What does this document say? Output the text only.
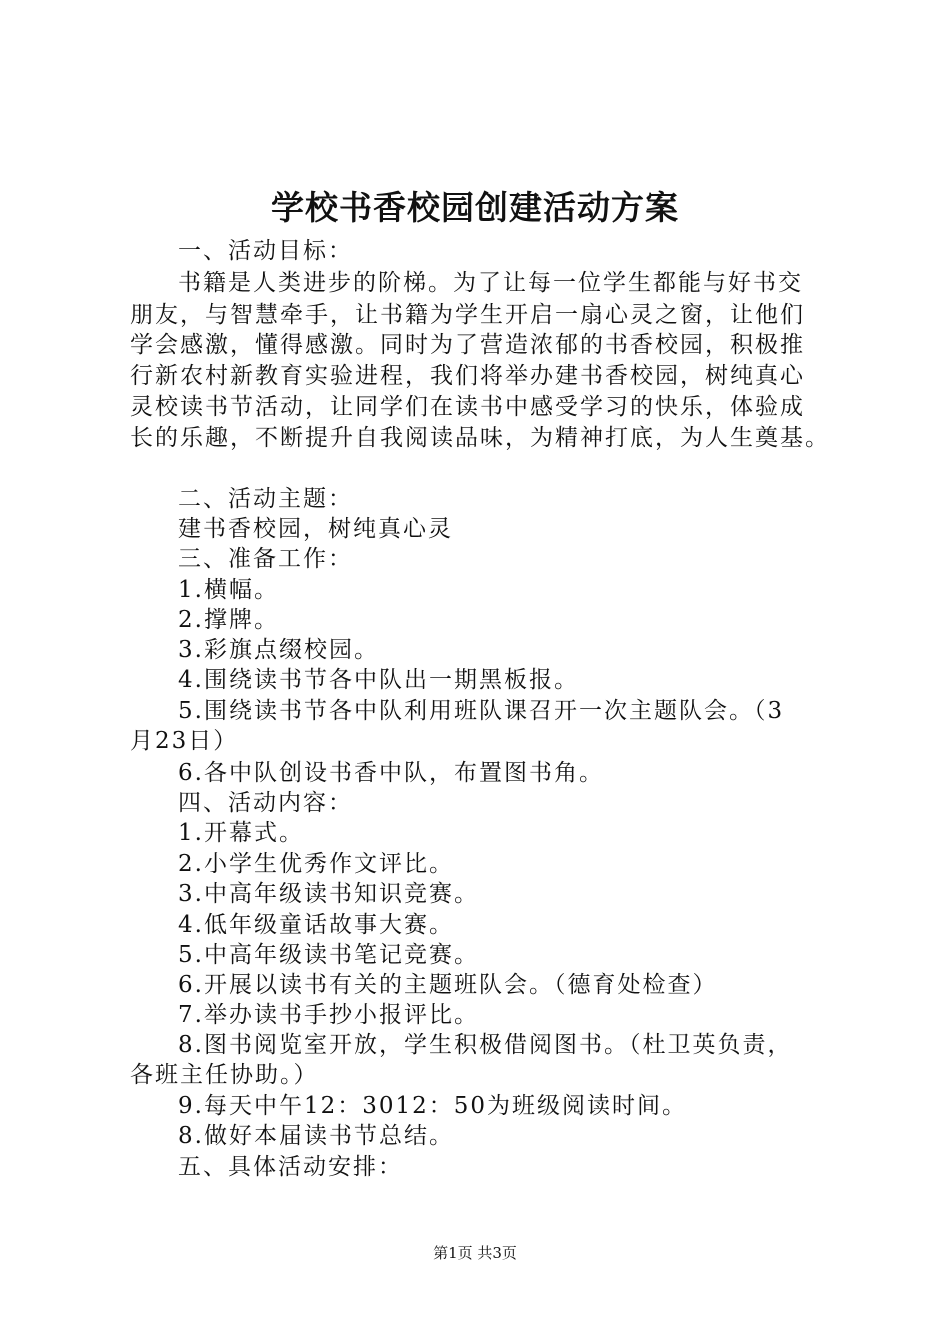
学校书香校园创建活动方案

一、活动目标：

书籍是人类进步的阶梯。为了让每一位学生都能与好书交

朋友，与智慧牵手，让书籍为学生开启一扇心灵之窗，让他们

学会感激，懂得感激。同时为了营造浓郁的书香校园，积极推

行新农村新教育实验进程，我们将举办建书香校园，树纯真心

灵校读书节活动，让同学们在读书中感受学习的快乐，体验成

长的乐趣，不断提升自我阅读品味，为精神打底，为人生奠基。

二、活动主题：

建书香校园，树纯真心灵

三、准备工作：

1.横幅。

2.撑牌。

3.彩旗点缀校园。

4.围绕读书节各中队出一期黑板报。

5.围绕读书节各中队利用班队课召开一次主题队会。（3

月23日）

6.各中队创设书香中队，布置图书角。

四、活动内容：

1.开幕式。

2.小学生优秀作文评比。

3.中高年级读书知识竞赛。

4.低年级童话故事大赛。

5.中高年级读书笔记竞赛。

6.开展以读书有关的主题班队会。（德育处检查）

7.举办读书手抄小报评比。

8.图书阅览室开放，学生积极借阅图书。（杜卫英负责，

各班主任协助。）

9.每天中午12：3012：50为班级阅读时间。

8.做好本届读书节总结。

五、具体活动安排：

第1页 共3页
